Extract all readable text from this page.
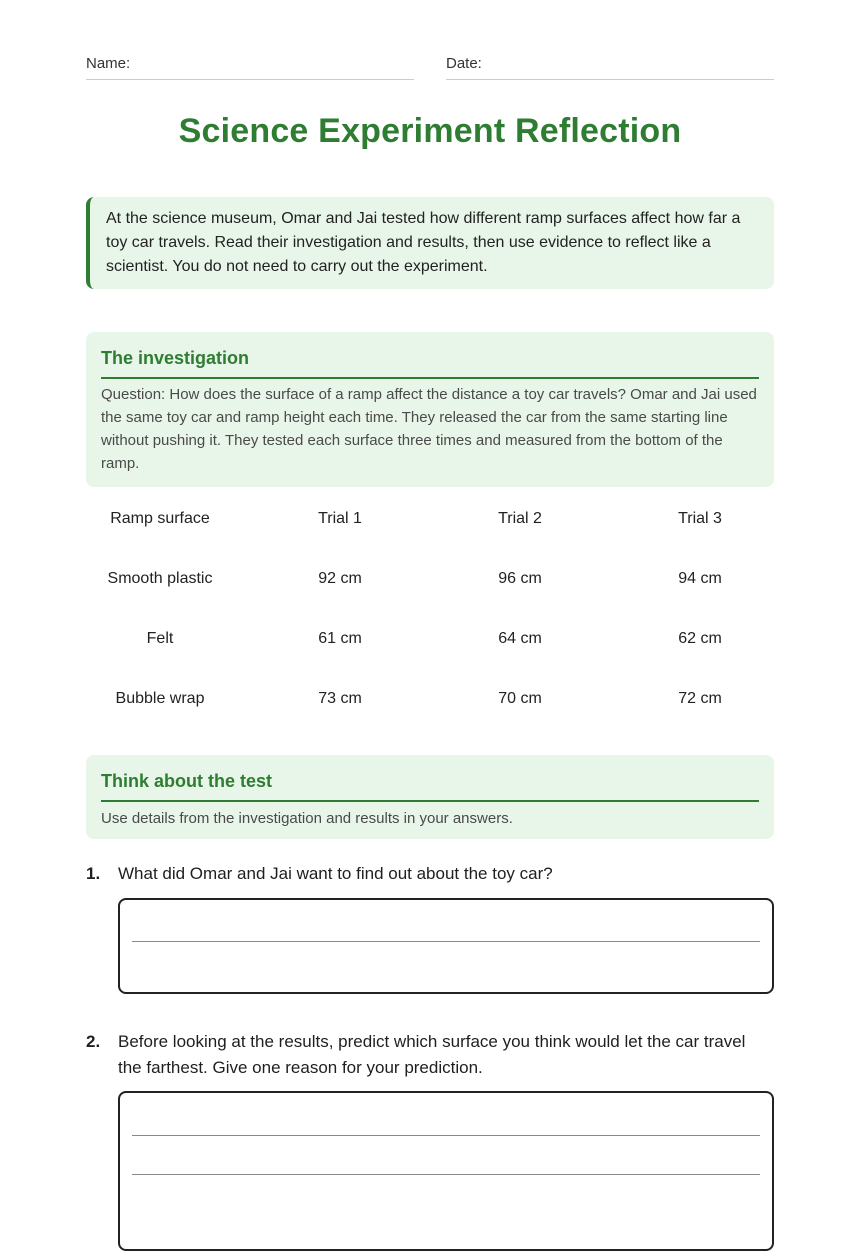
Name:	Date:
Science Experiment Reflection
At the science museum, Omar and Jai tested how different ramp surfaces affect how far a toy car travels. Read their investigation and results, then use evidence to reflect like a scientist. You do not need to carry out the experiment.
The investigation

Question: How does the surface of a ramp affect the distance a toy car travels? Omar and Jai used the same toy car and ramp height each time. They released the car from the same starting line without pushing it. They tested each surface three times and measured from the bottom of the ramp.

Ramp surface	Trial 1	Trial 2	Trial 3
Smooth plastic	92 cm	96 cm	94 cm
Felt	61 cm	64 cm	62 cm
Bubble wrap	73 cm	70 cm	72 cm
Think about the test

Use details from the investigation and results in your answers.

1. What did Omar and Jai want to find out about the toy car?
2. Before looking at the results, predict which surface you think would let the car travel the farthest. Give one reason for your prediction.
